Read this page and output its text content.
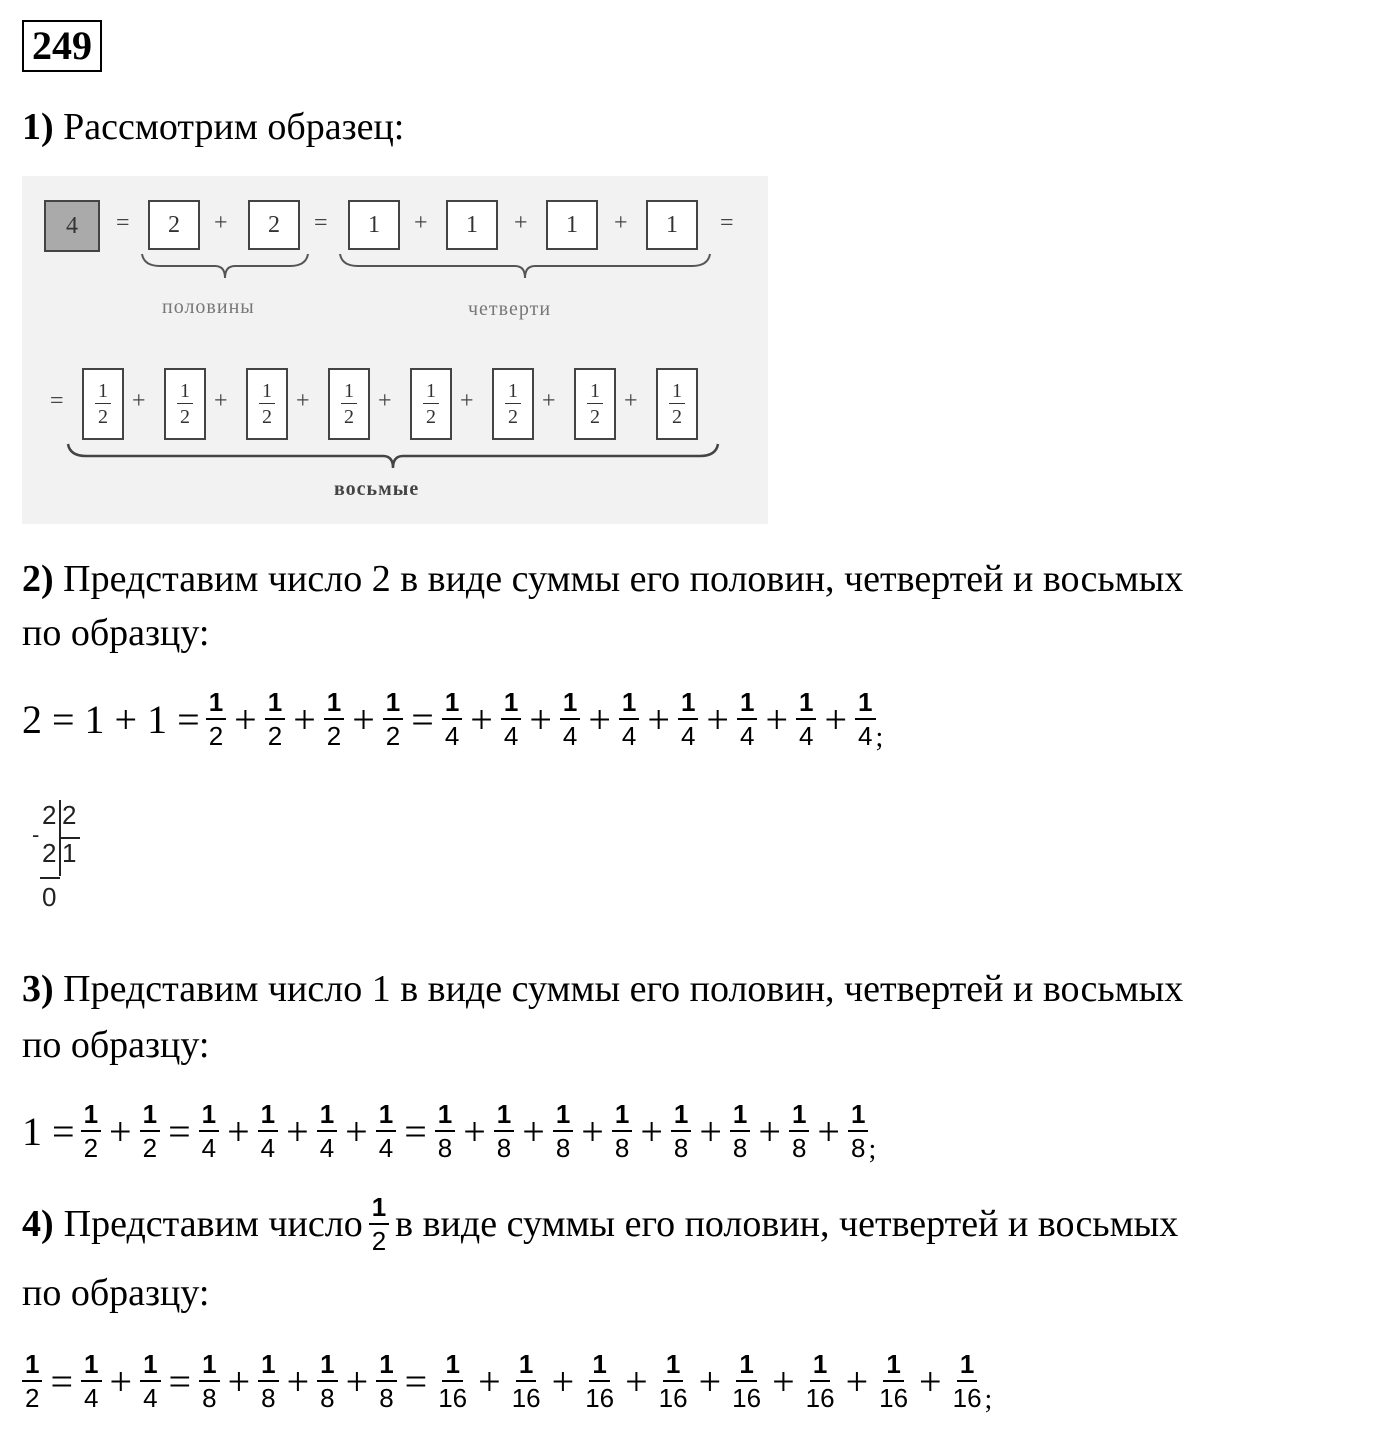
249
1) Рассмотрим образец:
4	=	2	+	2	=	1	+	1	+	1	+	1	=
половины	четверти
= $\frac{1}{2} + \frac{1}{2} + \frac{1}{2} + \frac{1}{2} + \frac{1}{2} + \frac{1}{2} + \frac{1}{2} + \frac{1}{2}$
восьмые
2) Представим число 2 в виде суммы его половин, четвертей и восьмых
по образцу:
$2 = 1 + 1 = \frac{1}{2} + \frac{1}{2} + \frac{1}{2} + \frac{1}{2} = \frac{1}{4} + \frac{1}{4} + \frac{1}{4} + \frac{1}{4} + \frac{1}{4} + \frac{1}{4} + \frac{1}{4} + \frac{1}{4}$ ;
2 2
-
2 1
0
3) Представим число 1 в виде суммы его половин, четвертей и восьмых
по образцу:
$1 = \frac{1}{2} + \frac{1}{2} = \frac{1}{4} + \frac{1}{4} + \frac{1}{4} + \frac{1}{4} = \frac{1}{8} + \frac{1}{8} + \frac{1}{8} + \frac{1}{8} + \frac{1}{8} + \frac{1}{8} + \frac{1}{8} + \frac{1}{8}$ ;
4) Представим число $\frac{1}{2}$ в виде суммы его половин, четвертей и восьмых
по образцу:
$\frac{1}{2} = \frac{1}{4} + \frac{1}{4} = \frac{1}{8} + \frac{1}{8} + \frac{1}{8} + \frac{1}{8} = \frac{1}{16} + \frac{1}{16} + \frac{1}{16} + \frac{1}{16} + \frac{1}{16} + \frac{1}{16} + \frac{1}{16} + \frac{1}{16}$ ;
